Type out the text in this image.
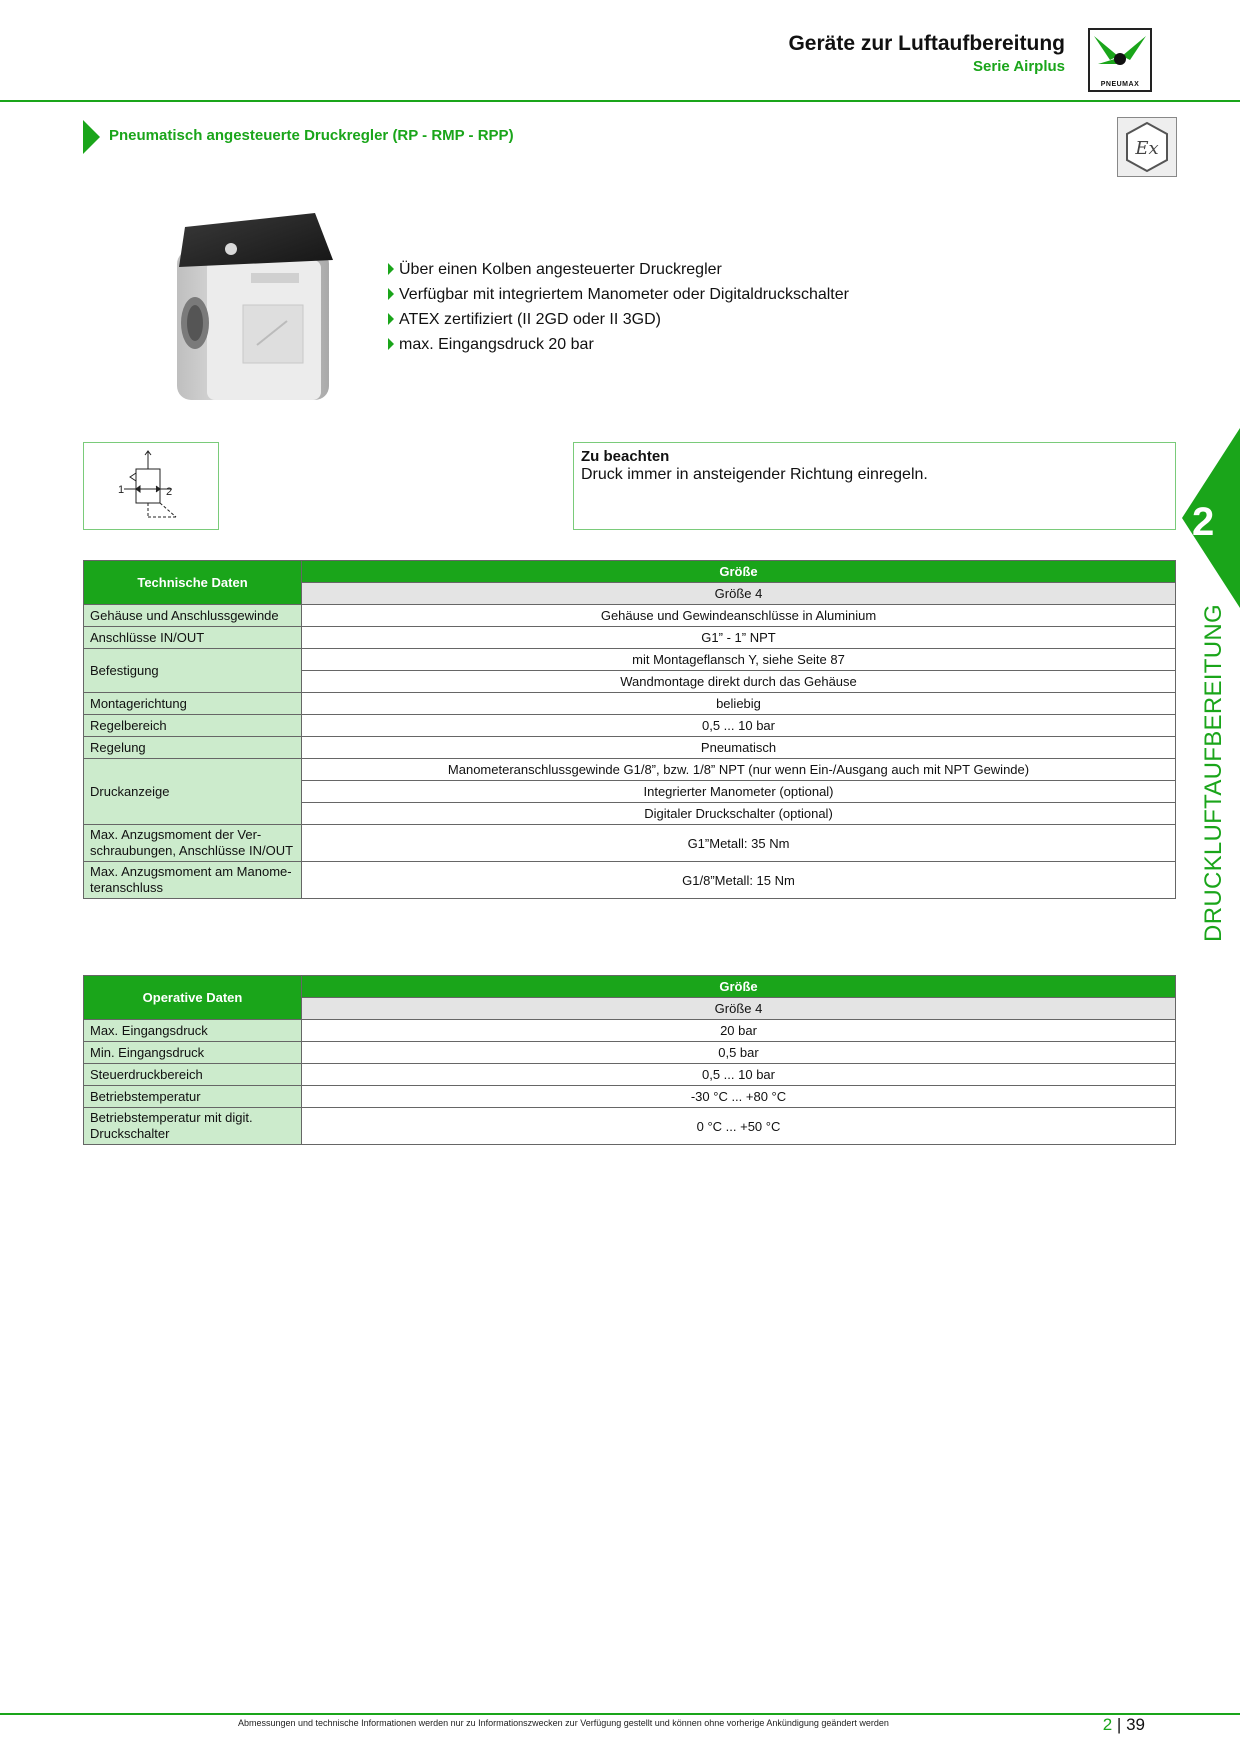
Geräte zur Luftaufbereitung
Serie Airplus
PNEUMAX
Pneumatisch angesteuerte Druckregler (RP - RMP - RPP)
Ex
Über einen Kolben angesteuerter Druckregler
Verfügbar mit integriertem Manometer oder Digitaldruckschalter
ATEX zertifiziert (II 2GD oder II 3GD)
max. Eingangsdruck 20 bar
1	2
Zu beachten
Druck immer in ansteigender Richtung einregeln.
2
DRUCKLUFTAUFBEREITUNG
Technische Daten	Größe
	Größe 4
Gehäuse und Anschlussgewinde	Gehäuse und Gewindeanschlüsse in Aluminium
Anschlüsse IN/OUT	G1” - 1” NPT
Befestigung	mit Montageflansch Y, siehe Seite 87
	Wandmontage direkt durch das Gehäuse
Montagerichtung	beliebig
Regelbereich	0,5 ... 10 bar
Regelung	Pneumatisch
Druckanzeige	Manometeranschlussgewinde G1/8”, bzw. 1/8” NPT (nur wenn Ein-/Ausgang auch mit NPT Gewinde)
	Integrierter Manometer (optional)
	Digitaler Druckschalter (optional)
Max. Anzugsmoment der Ver-schraubungen, Anschlüsse IN/OUT	G1”Metall: 35 Nm
Max. Anzugsmoment am Manome-teranschluss	G1/8”Metall: 15 Nm
Operative Daten	Größe
	Größe 4
Max. Eingangsdruck	20 bar
Min. Eingangsdruck	0,5 bar
Steuerdruckbereich	0,5 ... 10 bar
Betriebstemperatur	-30 °C ... +80 °C
Betriebstemperatur mit digit. Druckschalter	0 °C ... +50 °C
Abmessungen und technische Informationen werden nur zu Informationszwecken zur Verfügung gestellt und können ohne vorherige Ankündigung geändert werden	2 | 39
